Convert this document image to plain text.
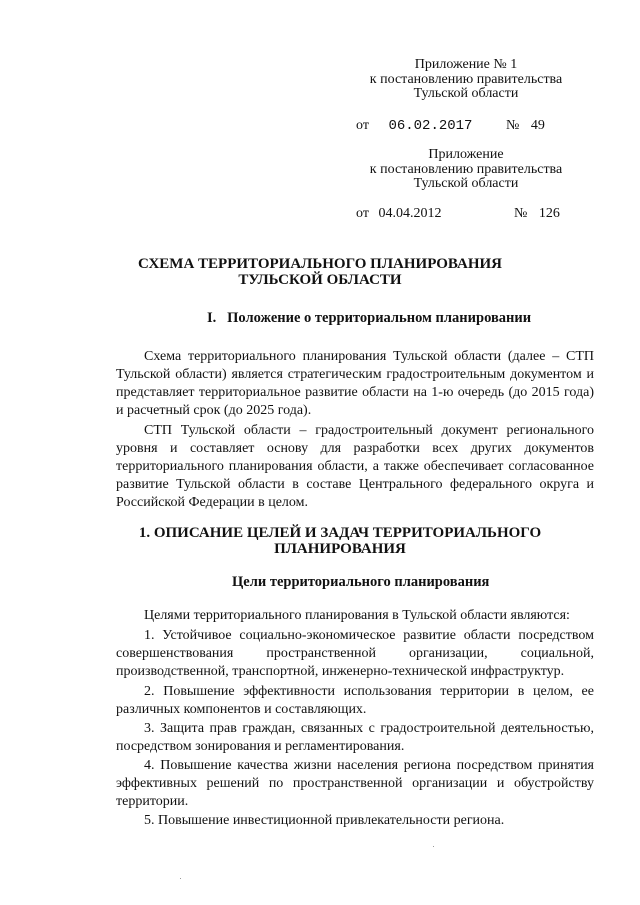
Приложение № 1
к постановлению правительства
Тульской области
от 06.02.2017 № 49
Приложение
к постановлению правительства
Тульской области
от 04.04.2012	№ 126
СХЕМА ТЕРРИТОРИАЛЬНОГО ПЛАНИРОВАНИЯ
ТУЛЬСКОЙ ОБЛАСТИ
I.   Положение о территориальном планировании

Схема территориального планирования Тульской области (далее – СТП Тульской области) является стратегическим градостроительным документом и представляет территориальное развитие области на 1-ю очередь (до 2015 года) и расчетный срок (до 2025 года).

СТП Тульской области – градостроительный документ регионального уровня и составляет основу для разработки всех других документов территориального планирования области, а также обеспечивает согласованное развитие Тульской области в составе Центрального федерального округа и Российской Федерации в целом.

1. ОПИСАНИЕ ЦЕЛЕЙ И ЗАДАЧ ТЕРРИТОРИАЛЬНОГО
ПЛАНИРОВАНИЯ
Цели территориального планирования

Целями территориального планирования в Тульской области являются:

1. Устойчивое социально-экономическое развитие области посредством совершенствования пространственной организации, социальной, производственной, транспортной, инженерно-технической инфраструктур.

2. Повышение эффективности использования территории в целом, ее различных компонентов и составляющих.

3. Защита прав граждан, связанных с градостроительной деятельностью, посредством зонирования и регламентирования.

4. Повышение качества жизни населения региона посредством принятия эффективных решений по пространственной организации и обустройству территории.

5. Повышение инвестиционной привлекательности региона.
